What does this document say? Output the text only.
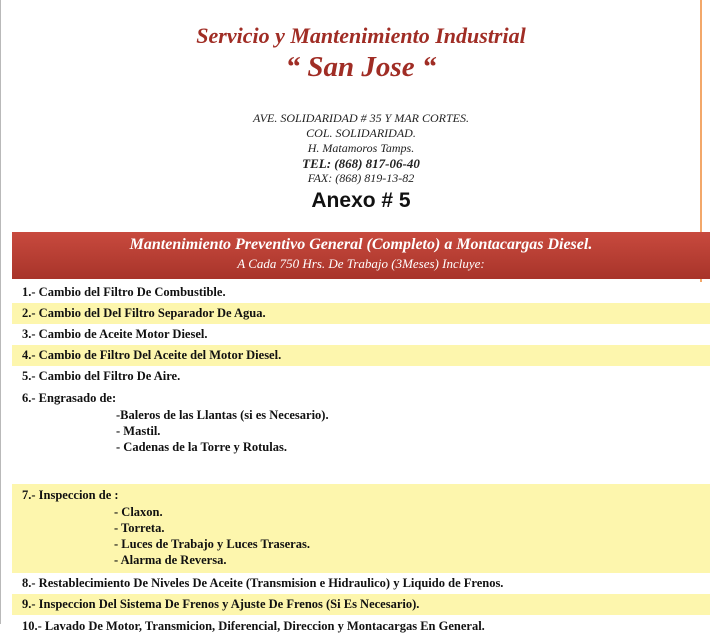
Servicio y Mantenimiento Industrial

“ San Jose “

AVE. SOLIDARIDAD # 35 Y MAR CORTES.
COL. SOLIDARIDAD.
H. Matamoros Tamps.
TEL: (868) 817-06-40
FAX: (868) 819-13-82
Anexo # 5
Mantenimiento Preventivo General (Completo) a Montacargas Diesel.
A Cada 750 Hrs. De Trabajo (3Meses) Incluye:
1.- Cambio del Filtro De Combustible.
2.- Cambio del Del Filtro Separador De Agua.
3.- Cambio de Aceite Motor Diesel.
4.- Cambio de Filtro Del Aceite del Motor Diesel.
5.- Cambio del Filtro De Aire.
6.- Engrasado de:
-Baleros de las Llantas (si es Necesario).
- Mastil.
- Cadenas de la Torre y Rotulas.
7.- Inspeccion de :
- Claxon.
- Torreta.
- Luces de Trabajo y Luces Traseras.
- Alarma de Reversa.
8.- Restablecimiento De Niveles De Aceite (Transmision e Hidraulico) y Liquido de Frenos.
9.- Inspeccion Del Sistema De Frenos y Ajuste De Frenos (Si Es Necesario).
10.- Lavado De Motor, Transmicion, Diferencial, Direccion y Montacargas En General.
